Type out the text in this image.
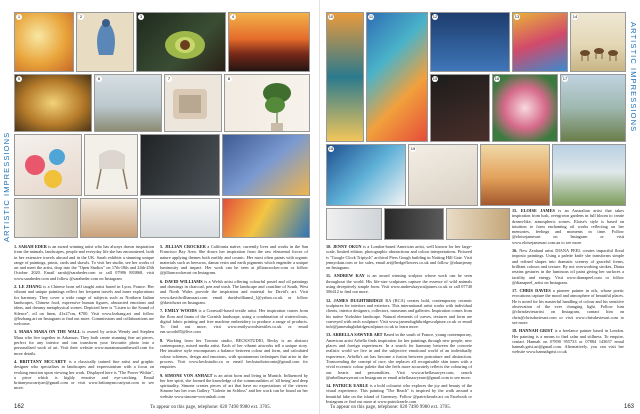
ARTISTIC IMPRESSIONS
1	2	3	4
5	6	7	8

1. SARAH EDER is an award winning artist who has always drawn inspiration from the animals, landscapes, people and everyday life she has encountered, both in her extensive travels abroad and in the UK. Sarah exhibits a stunning unique range of paintings, prints, cards and shawls. To visit her studio, see her works of art and meet the artist, drop into the "Open Studios" on 17th-18th and 24th-25th October 2020. Email sarah@saraheder.com or call 07986 883868, visit www.saraheder.com and follow @saraheder.com on Instagram

2. LE ZHANG is a Chinese born self taught artist based in Lyon, France. Her vibrant and unique paintings reflect her frequent travels and inner explorations for harmony. They cover a wide range of subjects such as Northern Italian landscapes, Chinese food, expressive human figures, abstracted emotions and ideas, and dreamy metaphysical scenes. Depicted here is "Listen to the Sound of Silence", oil on linen, 41x27cm, €700. Visit www.lezhang.art and follow @lezhang.art on Instagram to find out more. Commissions and collaborations are welcome.

3. MARA MARA ON THE WALL is owned by artists Wendy and Stephen Mara who live together in Arkansas. They both create stunning fine art pieces, perfect for any interior and can transform your favourite photo into a personalised work of art. Visit their website www.maramaraonthewall.com for more details.

4. BRITTANY MCCARTY is a classically trained fine artist and graphic designer who specialises in landscapes and expressionism with a focus on evoking emotion upon viewing her work. Displayed here is "The Power Within", a piece which is highly emotive and eye-catching. Email brittanymccartyart@gmail.com or visit www.brittanymccartyart.com to see more.

5. JILLIAN CROCKER a California native, currently lives and works in the San Francisco Bay Area. She draws her inspiration from the raw elemental forces of nature applying themes both earthly and cosmic. Her most often paints with organic materials such as beeswax, damar resin and earth pigments which engender a unique luminosity and impact. Her work can be seen at jilliancrocker.com or follow @jilliancrockerart on Instagram.

6. DAVID WILLIAMS is a Welsh artist offering colourful pastel and oil paintings and drawings in charcoal, pen and wash. The landscape and coastline of South, West and North Wales provide the inspiration and material for David's art. Visit www.davidwilliamsart.com email davidwilliamsl_1@yahoo.co.uk or follow @davidwart on Instagram.

7. EMILY WOODS is a Cornwall-based textile artist. Her inspiration comes from the flora and fauna of the Cornish landscape, using a combination of watercolours, digital fabric printing and free machine embroidery to produce a range of products. To find out more, visit www.emilywoodstextiles.co.uk or email em.woods85@live.com

8. Working from her Toronto studio, BECKSTUDIO, Becky is an abstract contemporary, mixed media artist. Each of her vibrant artworks tell a unique story. Her intuitive style encompasses a balance between colour and form, and calculated colour schemes, design and emotions, with spontaneous techniques that arise in the process. Visit www.beckstudio.ca or email beckstudiotoronto@gmail.com for enquiries

9. SIMONE VON ANHALT is an artist born and living in Munich. Influenced by her free spirit, she formed the knowledge of the commonalities of 'all being' and deep spirituality, Simone creates pieces of art that have no expectations of the viewer. Simone has her own Gallery "Galerie im Schloss" and her work can be found on her website www.simone-von-anhalt.com

162	To appear on this page, telephone: 020 7490 9980 ext. 3705.
ARTISTIC IMPRESSIONS
10	11	12	13	14
15	16	17
18	19

10. JENNY OKUN is a London-based American artist, well known for her large-scale, limited edition, photographic abstractions and colour interpretations. Pictured is "Google Clock Triptych" archival Piers Gough building in Notting Hill Gate. Visit jennyokun.com or for sales, email art@hedgeflowers.co.uk and follow @okunjenny on Instagram.

11. ANDREW KAY is an award winning sculptor whose work can be seen throughout the world. His life-size sculptures capture the essence of wild animals using deceptively simple form. Visit www.andrewkaysculptures.co.uk or call 07740 506412 to find out more.

12. JAMES DUGHTBRIDGE RA (RCA) creates bold, contemporary ceramic sculptures for interiors and exteriors. This international artist works with individual clients, interior designers, collectors, museums and galleries. Inspiration comes from his native Yorkshire landscape. Natural elements of curves, textures and form are conveyed with each sculpture. Visit www.jamesdughtbridgesculpture.co.uk or email info@jamesdughtbridgesculpture.co.uk to learn more.

13. ARBELLA SAWYER ART Based in the south of France, young contemporary, American artist Arbella finds inspiration for her paintings through new people, new places and foreign experiences. In a search for harmony between the concrete realistic world we live in and the subjective emotional world of an individually experience, Arbella's art has become a fusion between portraiture and abstraction. Transcending the concept of race, she replaces all recognisable skin tones with a vivid eccentric colour palette that she feels more accurately reflects the colouring of our hearts and personalities. Visit www.arbellasawyer.com, search @arbellasawyerart on Instagram or email arbellasawyerart@gmail.com to see more.

14. PATRICK EARLE is a bold colourist who explores the joy and beauty of the visual experience. This painting "The Beach" is inspired by the walk around a beautiful lake on the island of Guernsey. Follow @patrickearle.art on Facebook or Instagram or find out more at www.patrickearle.com

15. ELOISE JAMES is an Australian artist that takes inspiration from lush, overgrown gardens in full bloom to create dream-like, atmospheric scenes. Eloise's style is based on intuition to form enchanting oil works reflecting on her memories, feelings and moments in time. Follow @eloisejamesart on Instagram or visit www.eloisejamesart.com.au to see more.

16. New Zealand artist DIANA PEEL creates impactful floral imposto paintings. Using a palette knife she transforms simple and refined shapes into dramatic scenery of graceful forms, brilliant colours and texture. By not overworking strokes, Diana retains gestures in the luminous oil paint giving her surfaces a tactility and energy. Visit www.dianapeel.com or follow @dianapeel_artist on Instagram.

17. CHRIS DAVIES a pioneer painter in oils, whose poetic evocations capture the mood and atmosphere of beautiful places. He is noted for his masterful handling of colour and his sensitive observation of the ever changing light. Follow him @chrisdaviesartist on Instagram, contact him on chris@chrisdaviesart.com or visit www.chrisdaviesart.com to see more.

18. HANNAH GRIST is a freelance painter based in London. Her painting is a means to find calm and stillness. To enquire, contact Hannah on 07890 955733 or 07884 143657 email hannah.grist.art@gmail.com. Alternatively, you can visit her website www.hannahgrist.co.uk

To appear on this page, telephone: 020 7490 9980 ext. 3705.	163
